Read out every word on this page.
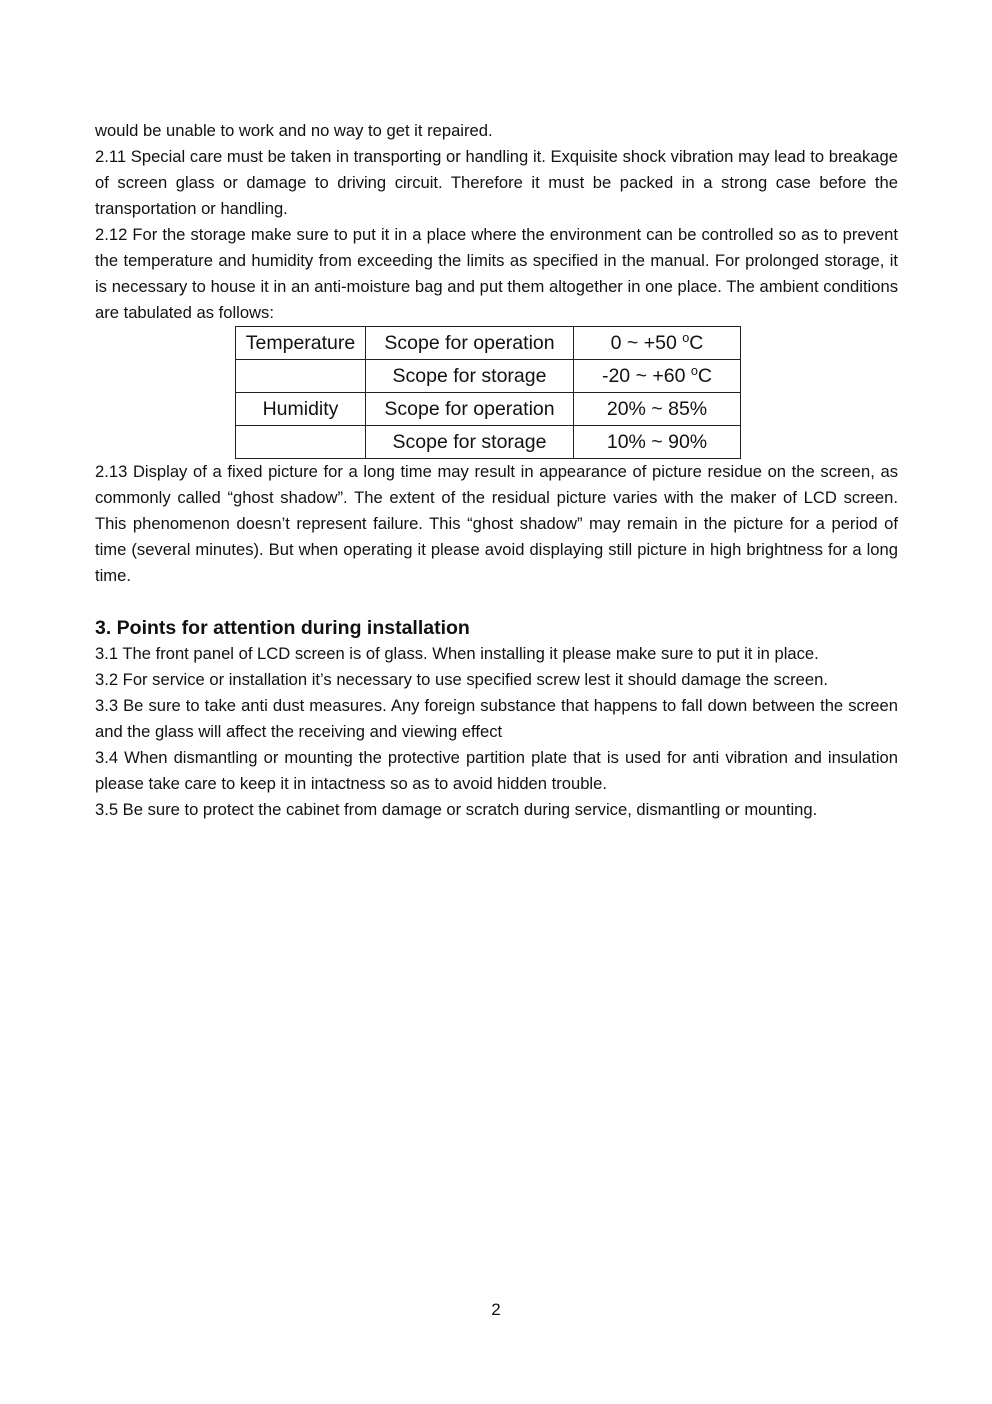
would be unable to work and no way to get it repaired.

2.11 Special care must be taken in transporting or handling it. Exquisite shock vibration may lead to breakage of screen glass or damage to driving circuit. Therefore it must be packed in a strong case before the transportation or handling.

2.12 For the storage make sure to put it in a place where the environment can be controlled so as to prevent the temperature and humidity from exceeding the limits as specified in the manual. For prolonged storage, it is necessary to house it in an anti-moisture bag and put them altogether in one place. The ambient conditions are tabulated as follows:

Temperature	Scope for operation	0 ~ +50 $^o$C
	Scope for storage	-20 ~ +60 $^o$C
Humidity	Scope for operation	20% ~ 85%
	Scope for storage	10% ~ 90%

2.13 Display of a fixed picture for a long time may result in appearance of picture residue on the screen, as commonly called “ghost shadow”. The extent of the residual picture varies with the maker of LCD screen. This phenomenon doesn’t represent failure. This “ghost shadow” may remain in the picture for a period of time (several minutes). But when operating it please avoid displaying still picture in high brightness for a long time.

3. Points for attention during installation

3.1 The front panel of LCD screen is of glass. When installing it please make sure to put it in place.

3.2 For service or installation it’s necessary to use specified screw lest it should damage the screen.

3.3 Be sure to take anti dust measures. Any foreign substance that happens to fall down between the screen and the glass will affect the receiving and viewing effect

3.4 When dismantling or mounting the protective partition plate that is used for anti vibration and insulation please take care to keep it in intactness so as to avoid hidden trouble.

3.5 Be sure to protect the cabinet from damage or scratch during service, dismantling or mounting.

2
